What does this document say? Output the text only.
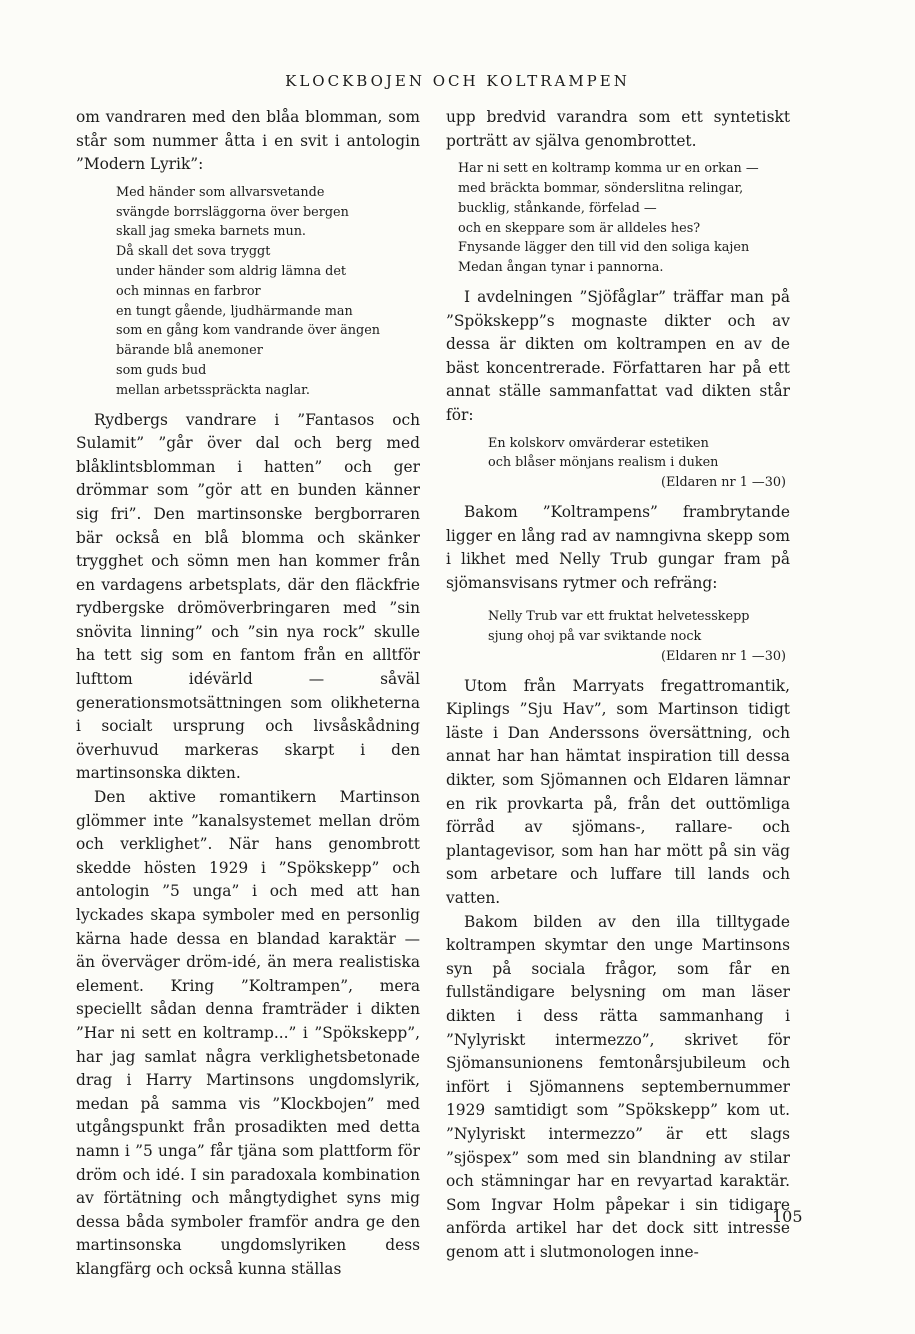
KLOCKBOJEN OCH KOLTRAMPEN

om vandraren med den blåa blomman, som står som nummer åtta i en svit i antologin ”Modern Lyrik”:

Med händer som allvarsvetande
svängde borrsläggorna över bergen
skall jag smeka barnets mun.
Då skall det sova tryggt
under händer som aldrig lämna det
och minnas en farbror
en tungt gående, ljudhärmande man
som en gång kom vandrande över ängen
bärande blå anemoner
som guds bud
mellan arbetsspräckta naglar.

Rydbergs vandrare i ”Fantasos och Sulamit” ”går över dal och berg med blåklintsblomman i hatten” och ger drömmar som ”gör att en bunden känner sig fri”. Den martinsonske bergborraren bär också en blå blomma och skänker trygghet och sömn men han kommer från en vardagens arbetsplats, där den fläckfrie rydbergske drömöverbringaren med ”sin snövita linning” och ”sin nya rock” skulle ha tett sig som en fantom från en alltför lufttom idévärld — såväl generationsmotsättningen som olikheterna i socialt ursprung och livsåskådning överhuvud markeras skarpt i den martinsonska dikten.

Den aktive romantikern Martinson glömmer inte ”kanalsystemet mellan dröm och verklighet”. När hans genombrott skedde hösten 1929 i ”Spökskepp” och antologin ”5 unga” i och med att han lyckades skapa symboler med en personlig kärna hade dessa en blandad karaktär — än överväger dröm-idé, än mera realistiska element. Kring ”Koltrampen”, mera speciellt sådan denna framträder i dikten ”Har ni sett en koltramp...” i ”Spökskepp”, har jag samlat några verklighetsbetonade drag i Harry Martinsons ungdomslyrik, medan på samma vis ”Klockbojen” med utgångspunkt från prosadikten med detta namn i ”5 unga” får tjäna som plattform för dröm och idé. I sin paradoxala kombination av förtätning och mångtydighet syns mig dessa båda symboler framför andra ge den martinsonska ungdomslyriken dess klangfärg och också kunna ställas

upp bredvid varandra som ett syntetiskt porträtt av själva genombrottet.

Har ni sett en koltramp komma ur en orkan —
med bräckta bommar, sönderslitna relingar,
bucklig, stånkande, förfelad —
och en skeppare som är alldeles hes?
Fnysande lägger den till vid den soliga kajen
Medan ångan tynar i pannorna.

I avdelningen ”Sjöfåglar” träffar man på ”Spökskepp”s mognaste dikter och av dessa är dikten om koltrampen en av de bäst koncentrerade. Författaren har på ett annat ställe sammanfattat vad dikten står för:

En kolskorv omvärderar estetiken
och blåser mönjans realism i duken
(Eldaren nr 1 —30)

Bakom ”Koltrampens” frambrytande ligger en lång rad av namngivna skepp som i likhet med Nelly Trub gungar fram på sjömansvisans rytmer och refräng:

Nelly Trub var ett fruktat helvetesskepp
sjung ohoj på var sviktande nock
(Eldaren nr 1 —30)

Utom från Marryats fregattromantik, Kiplings ”Sju Hav”, som Martinson tidigt läste i Dan Anderssons översättning, och annat har han hämtat inspiration till dessa dikter, som Sjömannen och Eldaren lämnar en rik provkarta på, från det outtömliga förråd av sjömans-, rallare- och plantagevisor, som han har mött på sin väg som arbetare och luffare till lands och vatten.

Bakom bilden av den illa tilltygade koltrampen skymtar den unge Martinsons syn på sociala frågor, som får en fullständigare belysning om man läser dikten i dess rätta sammanhang i ”Nylyriskt intermezzo”, skrivet för Sjömansunionens femtonårsjubileum och infört i Sjömannens septembernummer 1929 samtidigt som ”Spökskepp” kom ut. ”Nylyriskt intermezzo” är ett slags ”sjöspex” som med sin blandning av stilar och stämningar har en revyartad karaktär. Som Ingvar Holm påpekar i sin tidigare anförda artikel har det dock sitt intresse genom att i slutmonologen inne-

105
